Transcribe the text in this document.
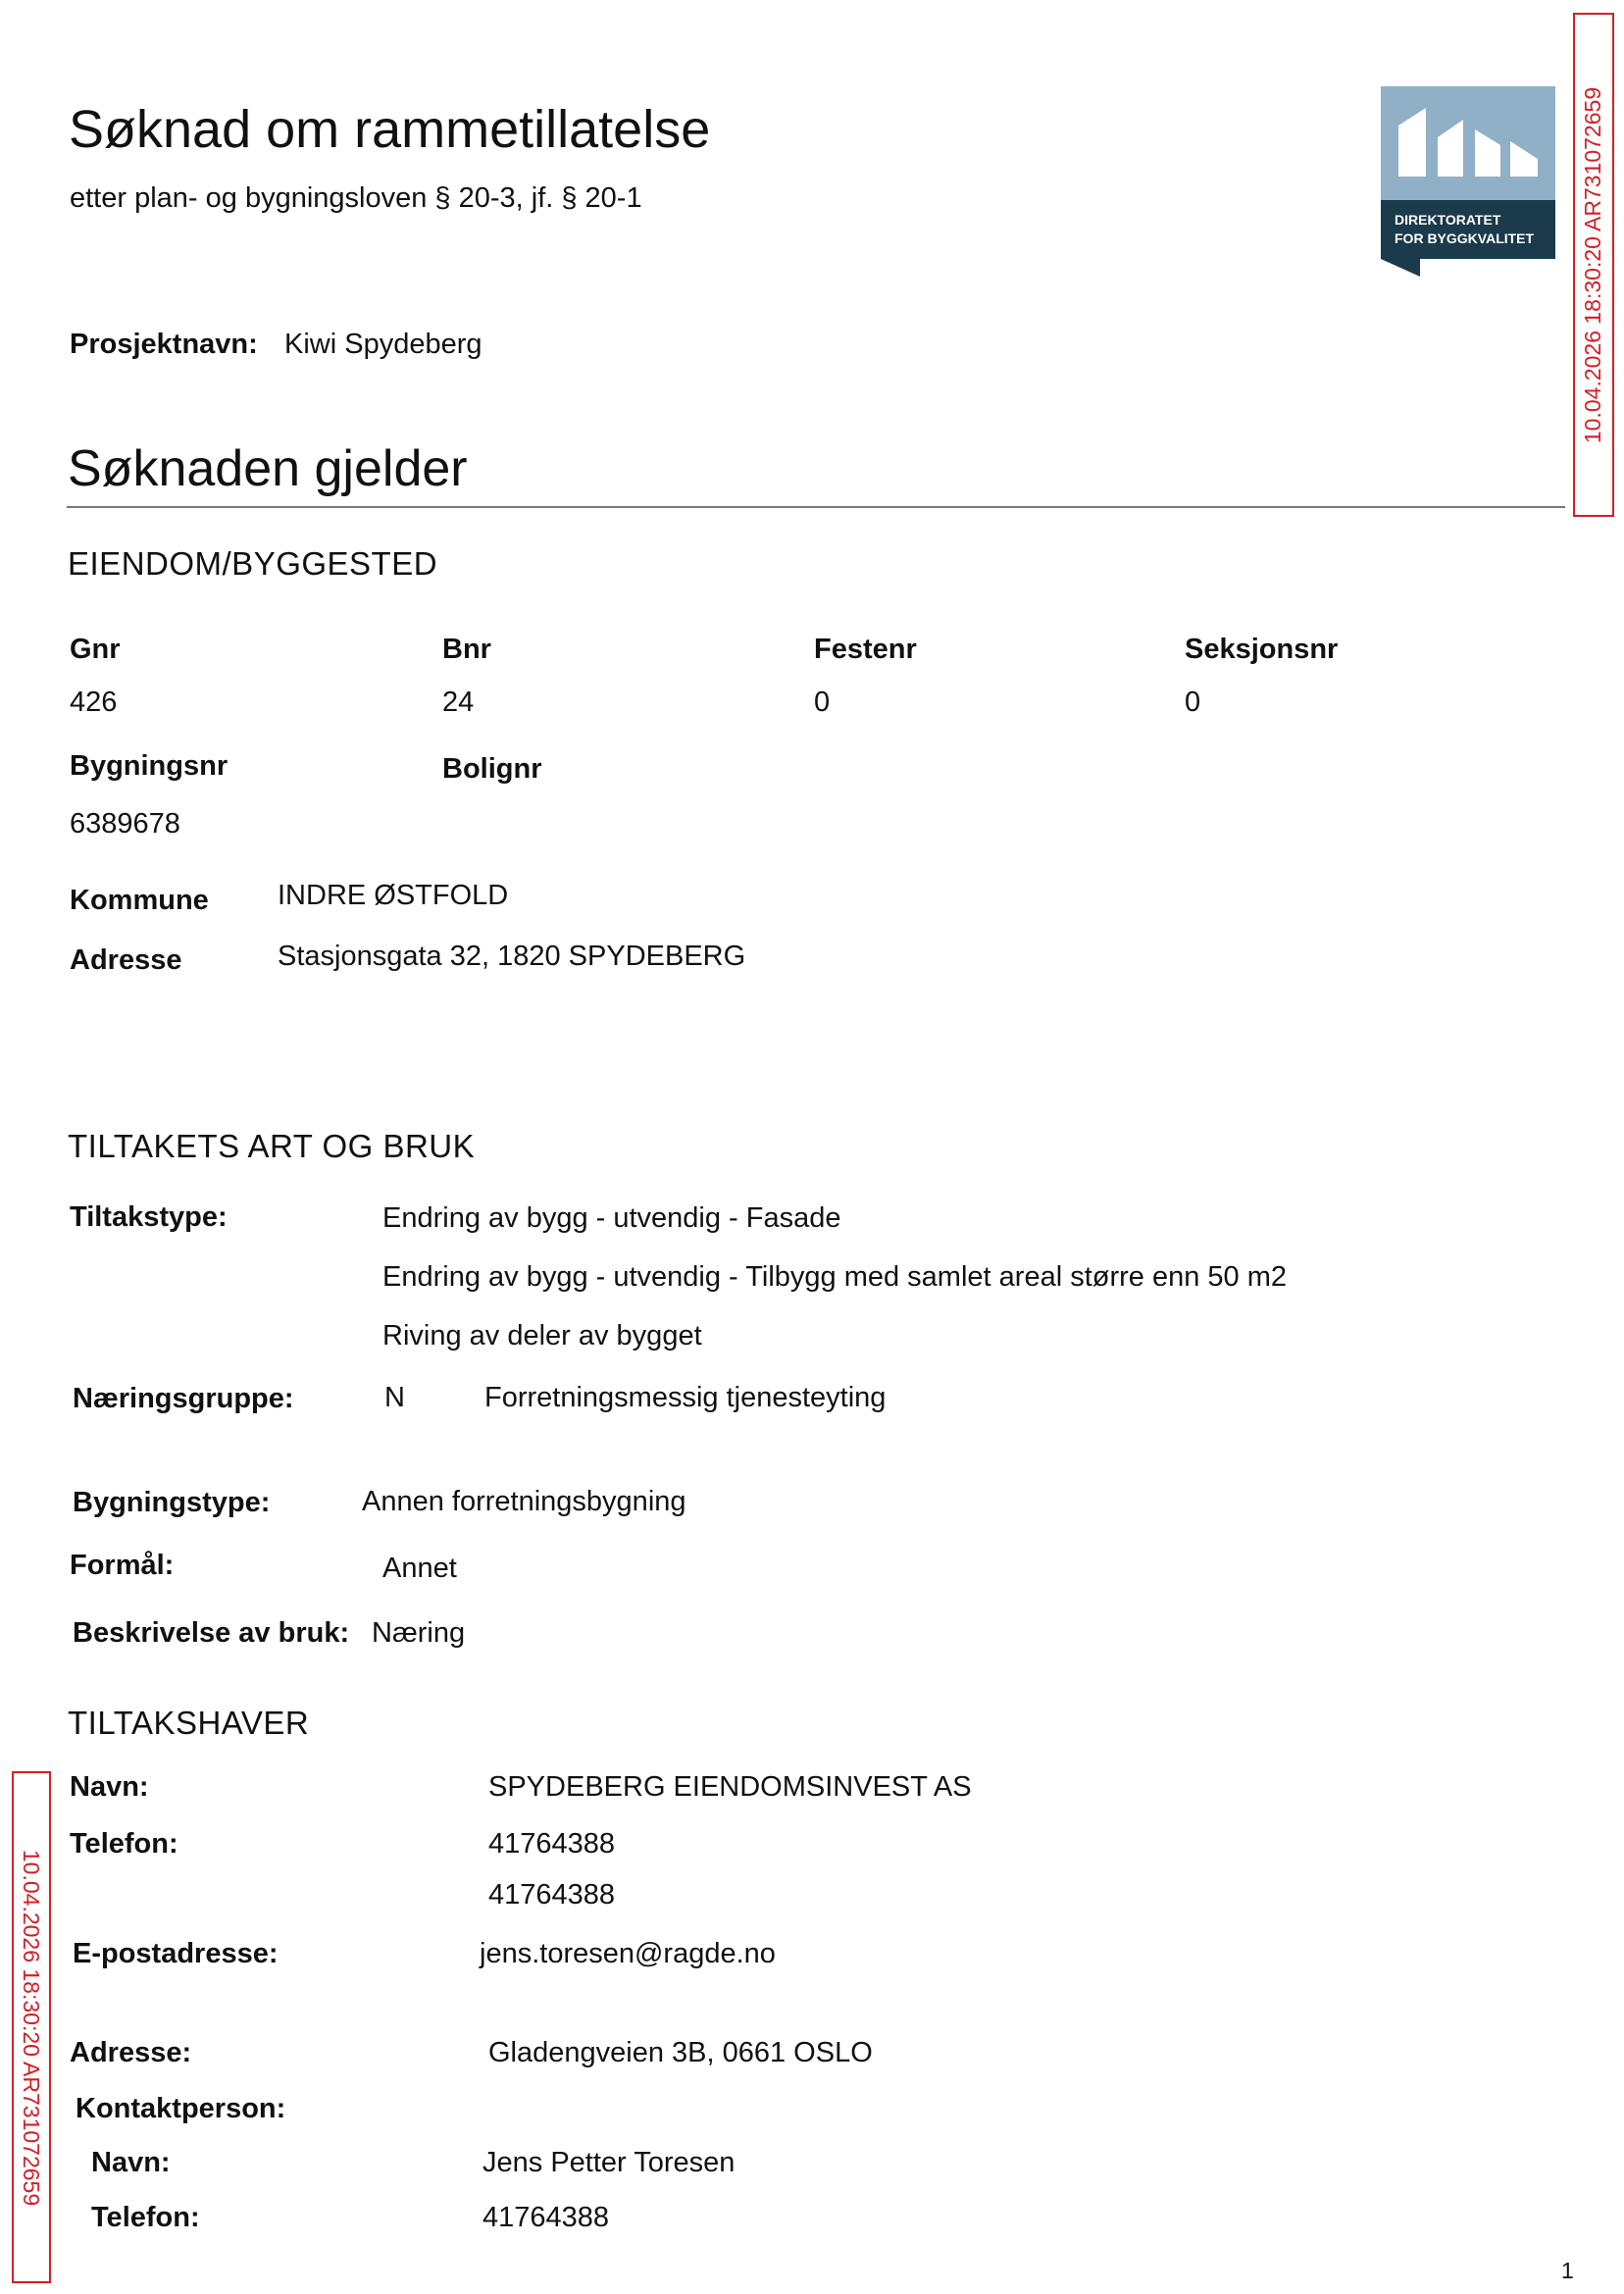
Søknad om rammetillatelse
etter plan- og bygningsloven § 20-3, jf. § 20-1
DIREKTORATET
FOR BYGGKVALITET
Prosjektnavn: Kiwi Spydeberg
Søknaden gjelder
EIENDOM/BYGGESTED
Gnr	Bnr	Festenr	Seksjonsnr
426	24	0	0
Bygningsnr	Bolignr
6389678
Kommune INDRE ØSTFOLD
Adresse	Stasjonsgata 32, 1820 SPYDEBERG
TILTAKETS ART OG BRUK
Tiltakstype:	Endring av bygg - utvendig - Fasade
Endring av bygg - utvendig - Tilbygg med samlet areal større enn 50 m2
Riving av deler av bygget
Næringsgruppe:	N	Forretningsmessig tjenesteyting
Bygningstype:	Annen forretningsbygning
Formål:	Annet
Beskrivelse av bruk: Næring
TILTAKSHAVER
Navn:	SPYDEBERG EIENDOMSINVEST AS
Telefon:	41764388
41764388
E-postadresse:	jens.toresen@ragde.no
Adresse:	Gladengveien 3B, 0661 OSLO
Kontaktperson:
Navn:	Jens Petter Toresen
Telefon:	41764388
10.04.2026 18:30:20 AR731072659
10.04.2026 18:30:20 AR731072659
1
